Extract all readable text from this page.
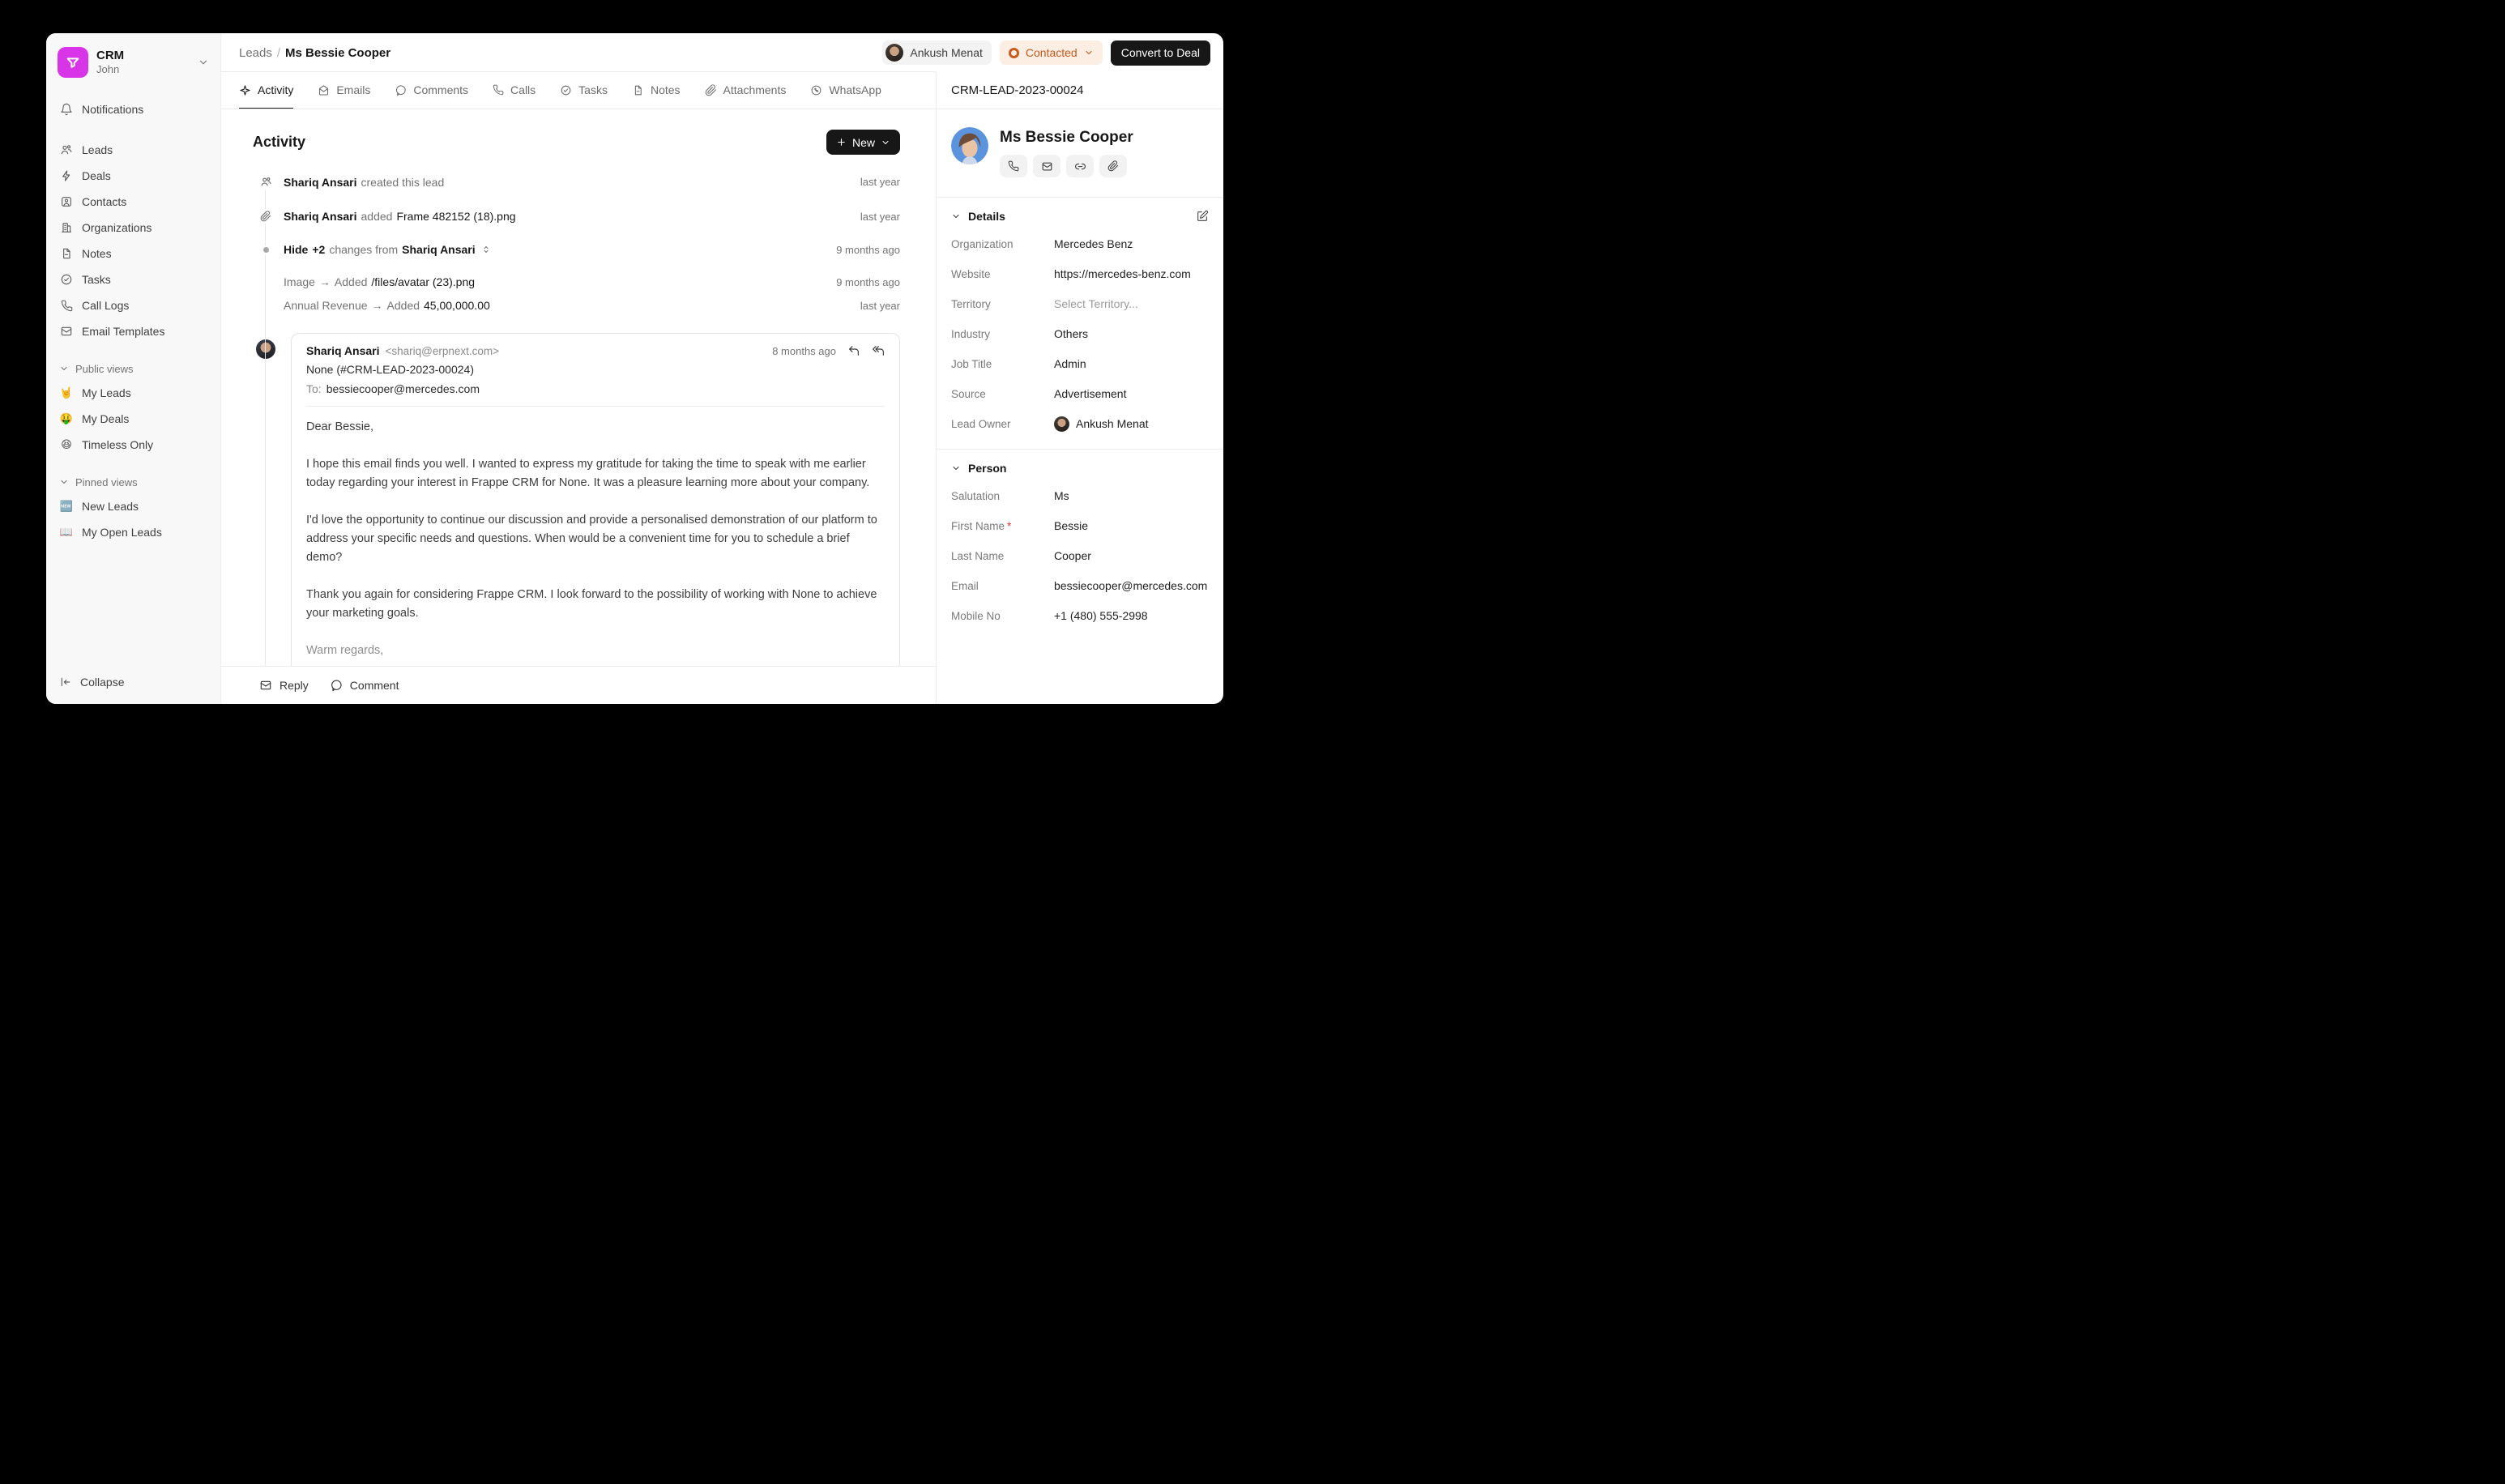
CRM
John
Notifications
Leads
Deals
Contacts
Organizations
Notes
Tasks
Call Logs
Email Templates
Public views
🤘 My Leads
🤑 My Deals
😆 Timeless Only
Pinned views
🆕 New Leads
📖 My Open Leads
Collapse
Leads / Ms Bessie Cooper	Ankush Menat	Contacted	Convert to Deal
Activity	Emails	Comments	Calls	Tasks	Notes	Attachments	WhatsApp
Activity	New
Shariq Ansari created this lead	last year
Shariq Ansari added Frame 482152 (18).png	last year
Hide +2 changes from Shariq Ansari	9 months ago
Image → Added /files/avatar (23).png	9 months ago
Annual Revenue → Added 45,00,000.00	last year
Shariq Ansari <shariq@erpnext.com>	8 months ago
None (#CRM-LEAD-2023-00024)
To: bessiecooper@mercedes.com

Dear Bessie,

I hope this email finds you well. I wanted to express my gratitude for taking the time to speak with me earlier today regarding your interest in Frappe CRM for None. It was a pleasure learning more about your company.

I'd love the opportunity to continue our discussion and provide a personalised demonstration of our platform to address your specific needs and questions. When would be a convenient time for you to schedule a brief demo?

Thank you again for considering Frappe CRM. I look forward to the possibility of working with None to achieve your marketing goals.

Warm regards,

Reply	Comment
CRM-LEAD-2023-00024
Ms Bessie Cooper
Details
Organization	Mercedes Benz
Website	https://mercedes-benz.com
Territory	Select Territory...
Industry	Others
Job Title	Admin
Source	Advertisement
Lead Owner	Ankush Menat
Person
Salutation	Ms
First Name *	Bessie
Last Name	Cooper
Email	bessiecooper@mercedes.com
Mobile No	+1 (480) 555-2998
